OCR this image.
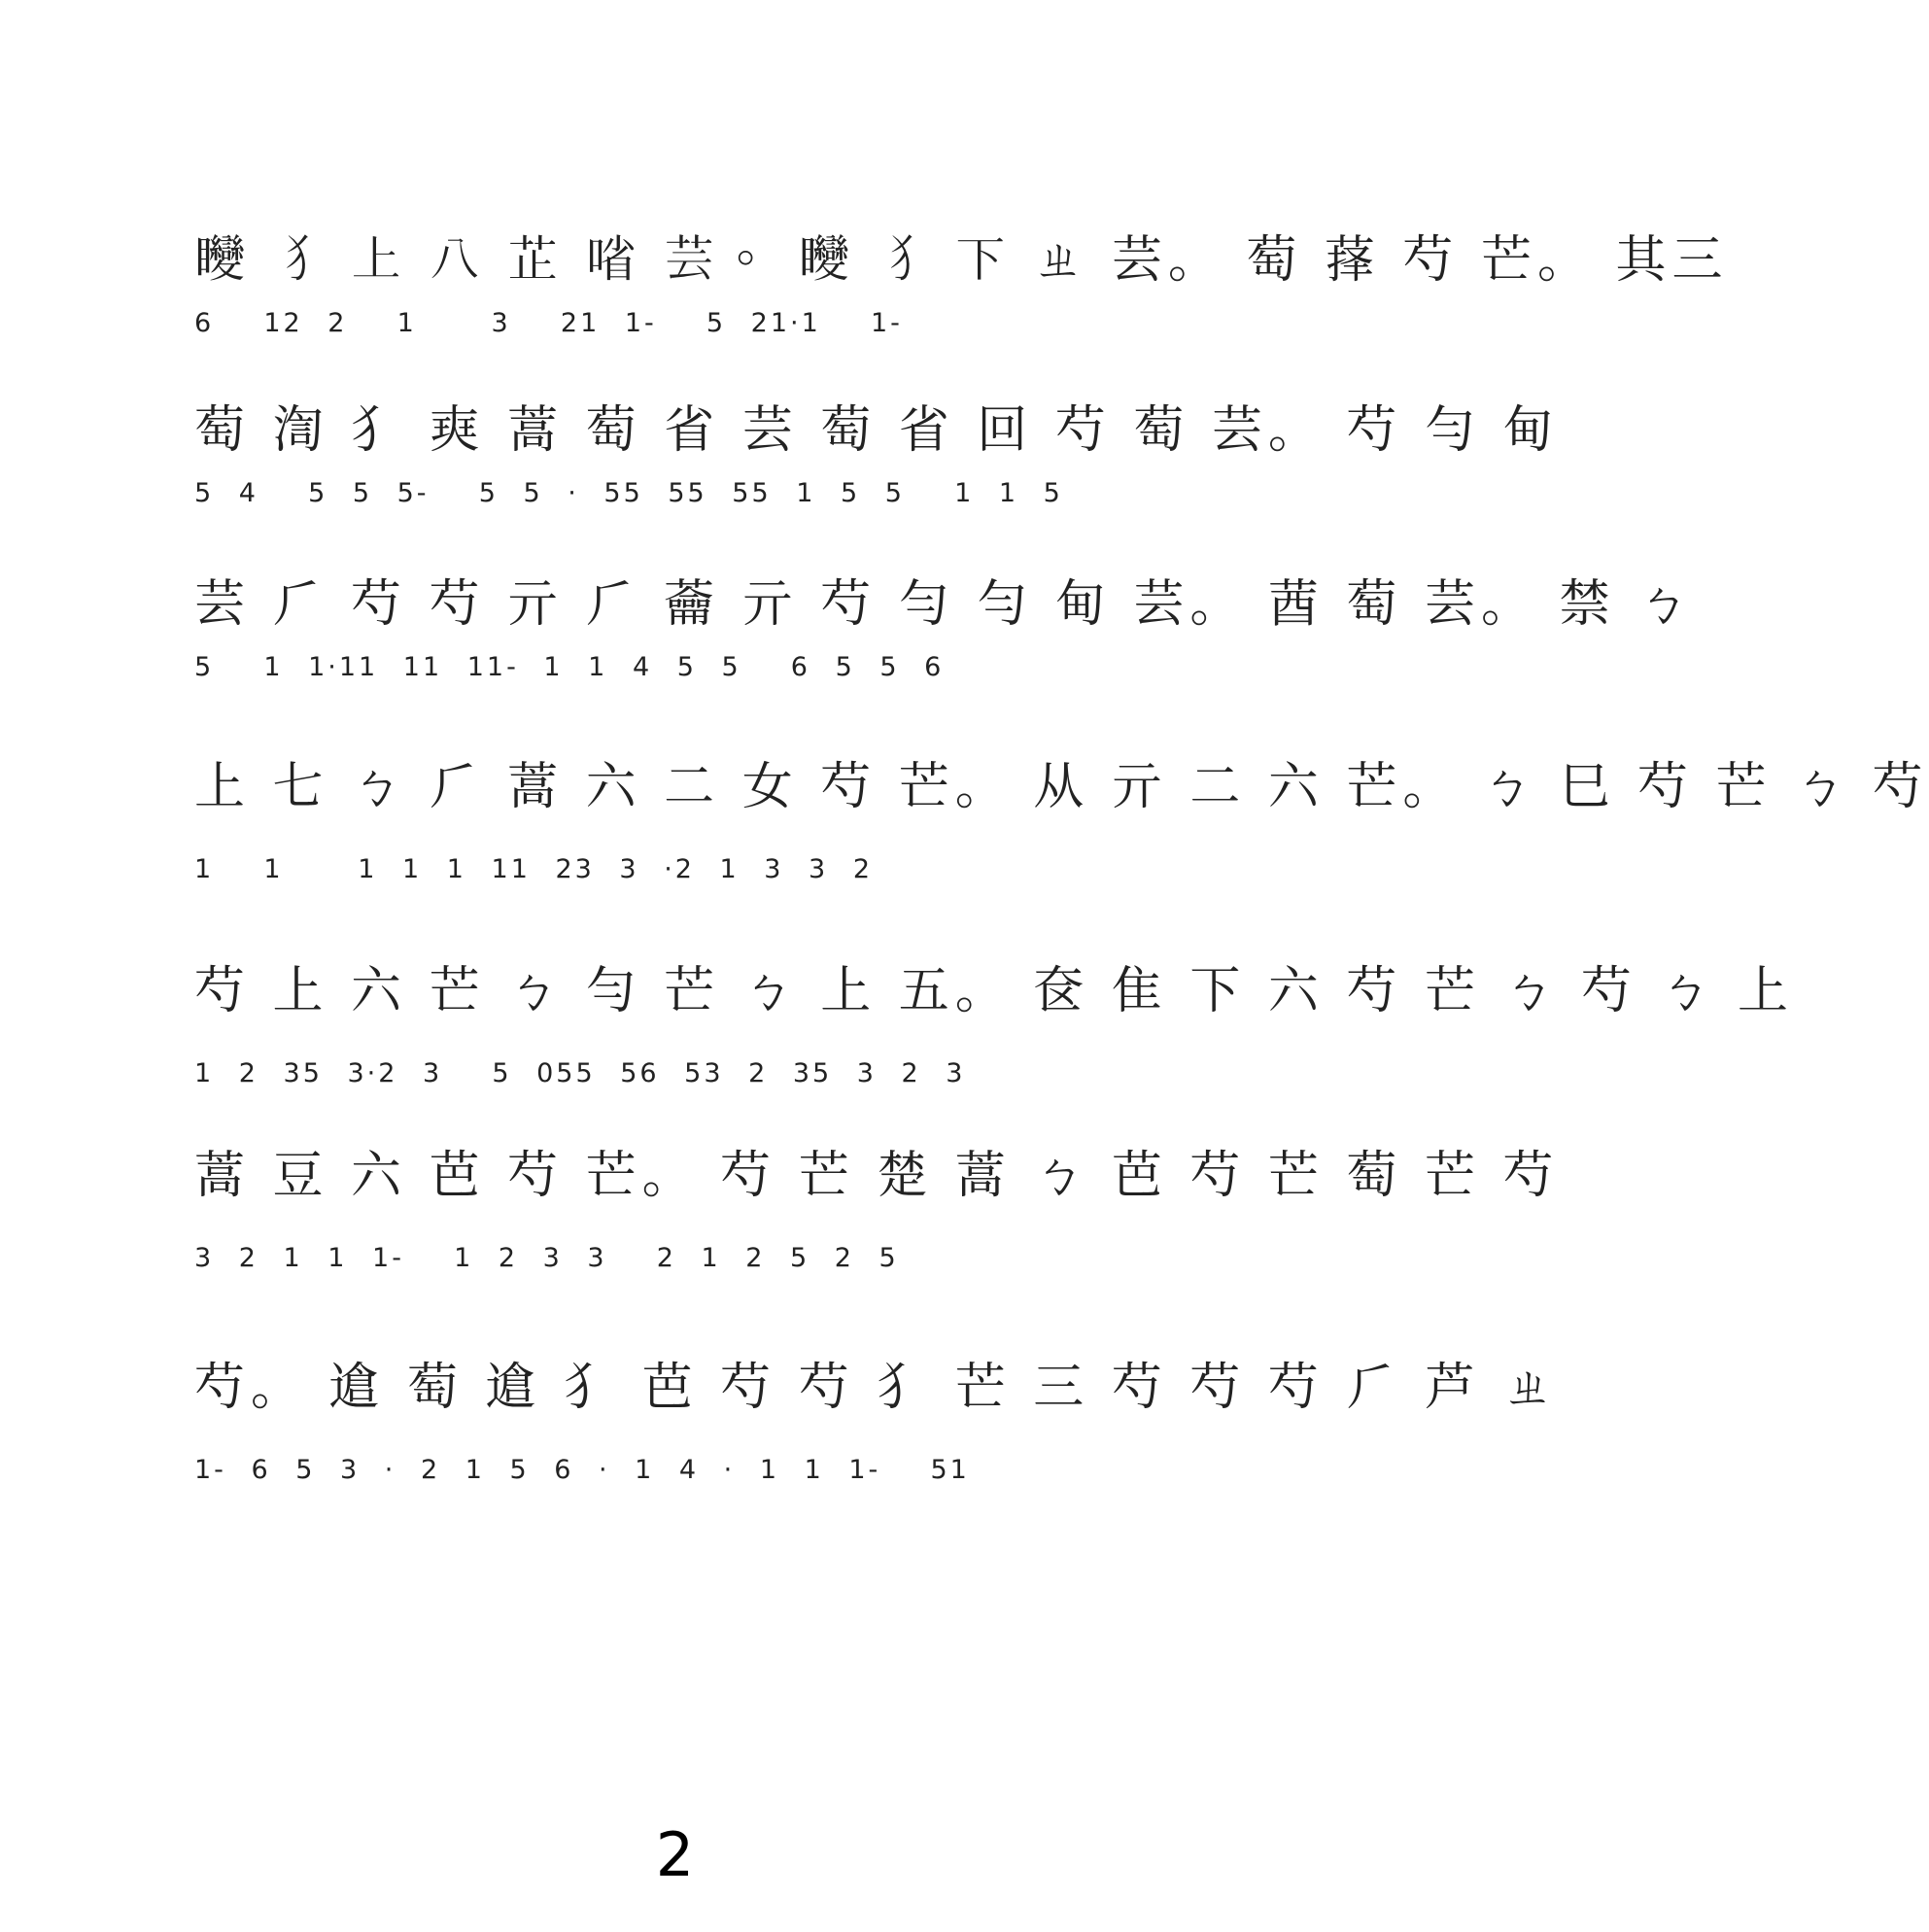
𥍚 犭 上 八 芷 㗂 芸。 𥍚 犭 下 ㄓ 芸。 萄 萚 芍 芒。 其三
6  12 2  1   3  21 1-  5 21·1  1-
萄 渹 犭 㻎 蒿 萄 省 芸 萄 省 回 芍 萄 芸。 芍 勻 甸
5 4  5 5 5-  5 5 · 55 55 55 1 5 5  1 1 5
芸 ⺁ 芍 芍 亓 ⺁ 蘥 亓 芍 勻 勻 甸 芸。 莤 萄 芸。 禁 ㄅ
5  1 1·11 11 11- 1 1 4 5 5  6 5 5 6
上 七 ㄅ ⺁ 蒿 六 二 女 芍 芒。 从 亓 二 六 芒。 ㄅ 巳 芍 芒 ㄅ 芍
1  1   1 1 1 11 23 3 ·2 1 3 3 2
芍 上 六 芒 ㄅ 勻 芒 ㄅ 上 五。 奁 隹 下 六 芍 芒 ㄅ 芍 ㄅ 上
1 2 35 3·2 3  5 055 56 53 2 35 3 2 3
蒿 豆 六 芭 芍 芒。 芍 芒 楚 蒿 ㄅ 芭 芍 芒 萄 芒 芍
3 2 1 1 1-  1 2 3 3  2 1 2 5 2 5
芍。 䢢 萄 䢢 犭 芭 芍 芍 犭 芒 三 芍 芍 芍 ⺁ 芦 ㄓ
1- 6 5 3 · 2 1 5 6 · 1 4 · 1 1 1-  51
2
